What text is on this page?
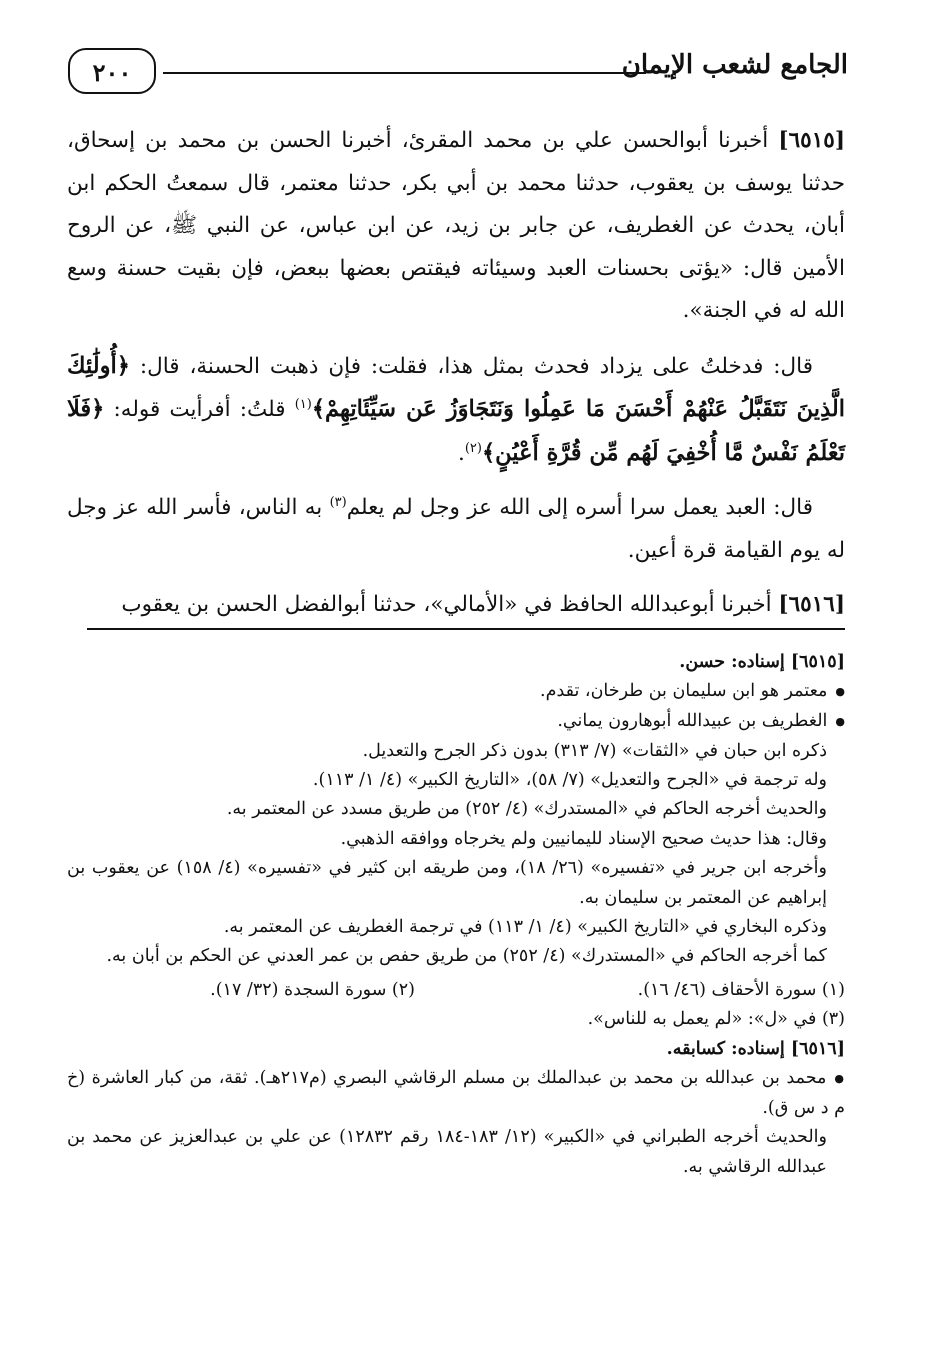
الجامع لشعب الإيمان
٢٠٠

[٦٥١٥] أخبرنا أبوالحسن علي بن محمد المقرئ، أخبرنا الحسن بن محمد بن إسحاق، حدثنا يوسف بن يعقوب، حدثنا محمد بن أبي بكر، حدثنا معتمر، قال سمعتُ الحكم ابن أبان، يحدث عن الغطريف، عن جابر بن زيد، عن ابن عباس، عن النبي ﷺ، عن الروح الأمين قال: «يؤتى بحسنات العبد وسيئاته فيقتص بعضها ببعض، فإن بقيت حسنة وسع الله له في الجنة».

قال: فدخلتُ على يزداد فحدث بمثل هذا، فقلت: فإن ذهبت الحسنة، قال: ﴿أُولَٰئِكَ الَّذِينَ نَتَقَبَّلُ عَنْهُمْ أَحْسَنَ مَا عَمِلُوا وَنَتَجَاوَزُ عَن سَيِّئَاتِهِمْ﴾$^{(١)}$ قلتُ: أفرأيت قوله: ﴿فَلَا تَعْلَمُ نَفْسٌ مَّا أُخْفِيَ لَهُم مِّن قُرَّةِ أَعْيُنٍ﴾$^{(٢)}$.

قال: العبد يعمل سرا أسره إلى الله عز وجل لم يعلم$^{(٣)}$ به الناس، فأسر الله عز وجل له يوم القيامة قرة أعين.

[٦٥١٦] أخبرنا أبوعبدالله الحافظ في «الأمالي»، حدثنا أبوالفضل الحسن بن يعقوب

[٦٥١٥] إسناده: حسن.

● معتمر هو ابن سليمان بن طرخان، تقدم.

● الغطريف بن عبيدالله أبوهارون يماني.

ذكره ابن حبان في «الثقات» (٧/ ٣١٣) بدون ذكر الجرح والتعديل.

وله ترجمة في «الجرح والتعديل» (٧/ ٥٨)، «التاريخ الكبير» (٤/ ١/ ١١٣).

والحديث أخرجه الحاكم في «المستدرك» (٤/ ٢٥٢) من طريق مسدد عن المعتمر به.

وقال: هذا حديث صحيح الإسناد لليمانيين ولم يخرجاه ووافقه الذهبي.

وأخرجه ابن جرير في «تفسيره» (٢٦/ ١٨)، ومن طريقه ابن كثير في «تفسيره» (٤/ ١٥٨) عن يعقوب بن إبراهيم عن المعتمر بن سليمان به.

وذكره البخاري في «التاريخ الكبير» (٤/ ١/ ١١٣) في ترجمة الغطريف عن المعتمر به.

كما أخرجه الحاكم في «المستدرك» (٤/ ٢٥٢) من طريق حفص بن عمر العدني عن الحكم بن أبان به.

(١) سورة الأحقاف (٤٦/ ١٦).
(٢) سورة السجدة (٣٢/ ١٧).

(٣) في «ل»: «لم يعمل به للناس».

[٦٥١٦] إسناده: كسابقه.

● محمد بن عبدالله بن محمد بن عبدالملك بن مسلم الرقاشي البصري (م٢١٧هـ). ثقة، من كبار العاشرة (خ م د س ق).

والحديث أخرجه الطبراني في «الكبير» (١٢/ ١٨٣-١٨٤ رقم ١٢٨٣٢) عن علي بن عبدالعزيز عن محمد بن عبدالله الرقاشي به.
